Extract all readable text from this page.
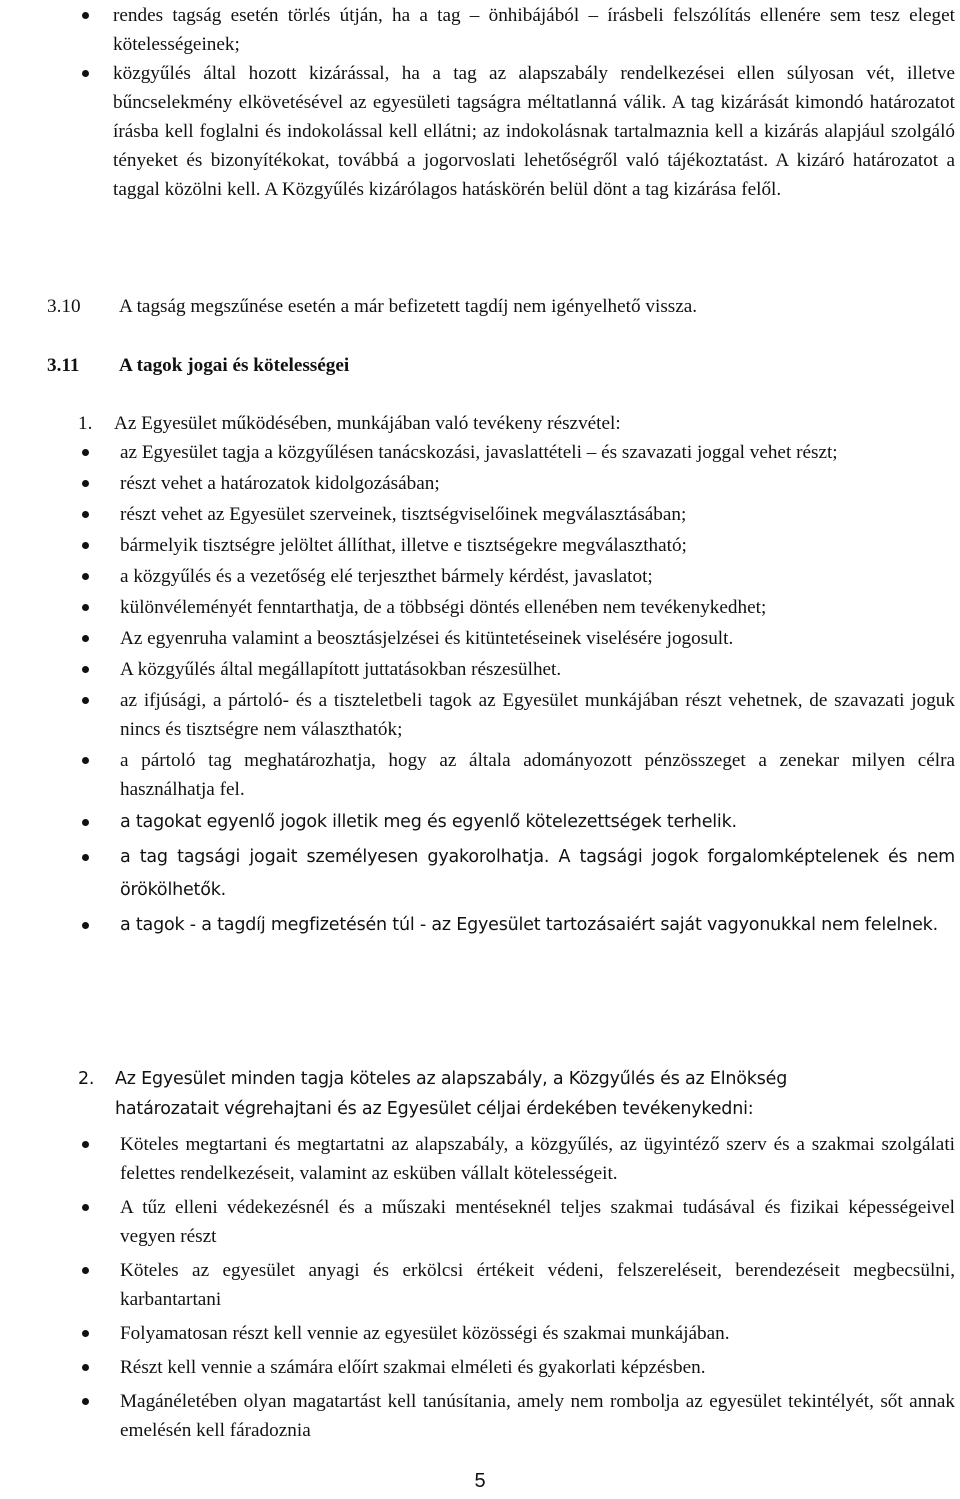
rendes tagság esetén törlés útján, ha a tag – önhibájából – írásbeli felszólítás ellenére sem tesz eleget kötelességeinek;
közgyűlés által hozott kizárással, ha a tag az alapszabály rendelkezései ellen súlyosan vét, illetve bűncselekmény elkövetésével az egyesületi tagságra méltatlanná válik. A tag kizárását kimondó határozatot írásba kell foglalni és indokolással kell ellátni; az indokolásnak tartalmaznia kell a kizárás alapjául szolgáló tényeket és bizonyítékokat, továbbá a jogorvoslati lehetőségről való tájékoztatást. A kizáró határozatot a taggal közölni kell. A Közgyűlés kizárólagos hatáskörén belül dönt a tag kizárása felől.
3.10 A tagság megszűnése esetén a már befizetett tagdíj nem igényelhető vissza.
3.11 A tagok jogai és kötelességei
1. Az Egyesület működésében, munkájában való tevékeny részvétel:
az Egyesület tagja a közgyűlésen tanácskozási, javaslattételi – és szavazati joggal vehet részt;
részt vehet a határozatok kidolgozásában;
részt vehet az Egyesület szerveinek, tisztségviselőinek megválasztásában;
bármelyik tisztségre jelöltet állíthat, illetve e tisztségekre megválasztható;
a közgyűlés és a vezetőség elé terjeszthet bármely kérdést, javaslatot;
különvéleményét fenntarthatja, de a többségi döntés ellenében nem tevékenykedhet;
Az egyenruha valamint a beosztásjelzései és kitüntetéseinek viselésére jogosult.
A közgyűlés által megállapított juttatásokban részesülhet.
az ifjúsági, a pártoló- és a tiszteletbeli tagok az Egyesület munkájában részt vehetnek, de szavazati joguk nincs és tisztségre nem választhatók;
a pártoló tag meghatározhatja, hogy az általa adományozott pénzösszeget a zenekar milyen célra használhatja fel.
a tagokat egyenlő jogok illetik meg és egyenlő kötelezettségek terhelik.
a tag tagsági jogait személyesen gyakorolhatja. A tagsági jogok forgalomképtelenek és nem örökölhetők.
a tagok - a tagdíj megfizetésén túl - az Egyesület tartozásaiért saját vagyonukkal nem felelnek.
2. Az Egyesület minden tagja köteles az alapszabály, a Közgyűlés és az Elnökség
határozatait végrehajtani és az Egyesület céljai érdekében tevékenykedni:
Köteles megtartani és megtartatni az alapszabály, a közgyűlés, az ügyintéző szerv és a szakmai szolgálati felettes rendelkezéseit, valamint az esküben vállalt kötelességeit.
A tűz elleni védekezésnél és a műszaki mentéseknél teljes szakmai tudásával és fizikai képességeivel vegyen részt
Köteles az egyesület anyagi és erkölcsi értékeit védeni, felszereléseit, berendezéseit megbecsülni, karbantartani
Folyamatosan részt kell vennie az egyesület közösségi és szakmai munkájában.
Részt kell vennie a számára előírt szakmai elméleti és gyakorlati képzésben.
Magánéletében olyan magatartást kell tanúsítania, amely nem rombolja az egyesület tekintélyét, sőt annak emelésén kell fáradoznia
5
